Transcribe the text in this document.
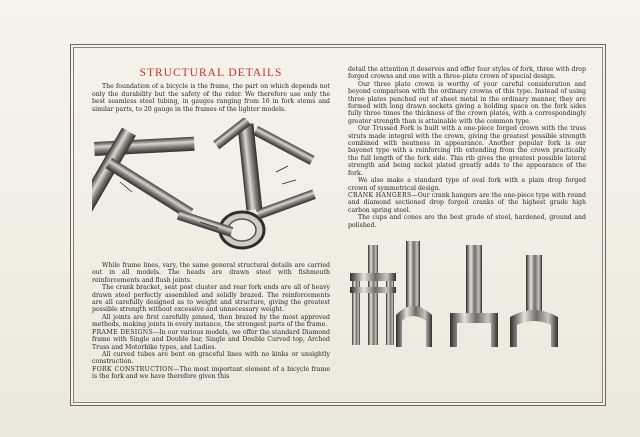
STRUCTURAL DETAILS

The foundation of a bicycle is the frame, the part on which depends not only the durability but the safety of the rider. We therefore use only the best seamless steel tubing, in gauges ranging from 16 in fork stems and similar parts, to 20 gauge in the frames of the lighter models.

While frame lines, vary, the same general structural details are carried out in all models. The heads are drawn steel with fishmouth reinforcements and flush joints.

The crank bracket, seat post cluster and rear fork ends are all of heavy drawn steel perfectly assembled and solidly brazed. The reinforcements are all carefully designed as to weight and structure, giving the greatest possible strength without excessive and unnecessary weight.

All joints are first carefully pinned, then brazed by the most approved methods, making joints in every instance, the strongest parts of the frame.

FRAME DESIGNS—In our various models, we offer the standard Diamond frame with Single and Double bar, Single and Double Curved top, Arched Truss and Motorbike types, and Ladies.

All curved tubes are bent on graceful lines with no kinks or unsightly construction.

FORK CONSTRUCTION—The most important element of a bicycle frame is the fork and we have therefore given this

detail the attention it deserves and offer four styles of fork, three with drop forged crowns and one with a three-plate crown of special design.

Our three plate crown is worthy of your careful consideration and beyond comparison with the ordinary crowns of this type. Instead of using three plates punched out of sheet metal in the ordinary manner, they are formed with long drawn sockets giving a holding space on the fork sides fully three times the thickness of the crown plates, with a correspondingly greater strength than is attainable with the common type.

Our Trussed Fork is built with a one-piece forged crown with the truss struts made integral with the crown, giving the greatest possible strength combined with neatness in appearance. Another popular fork is our bayonet type with a reinforcing rib extending from the crown practically the full length of the fork side. This rib gives the greatest possible lateral strength and being nickel plated greatly adds to the appearance of the fork.

We also make a standard type of oval fork with a plain drop forged crown of symmetrical design.

CRANK HANGERS—Our crank hangers are the one-piece type with round and diamond sectioned drop forged cranks of the highest grade high carbon spring steel.

The cups and cones are the best grade of steel, hardened, ground and polished.
